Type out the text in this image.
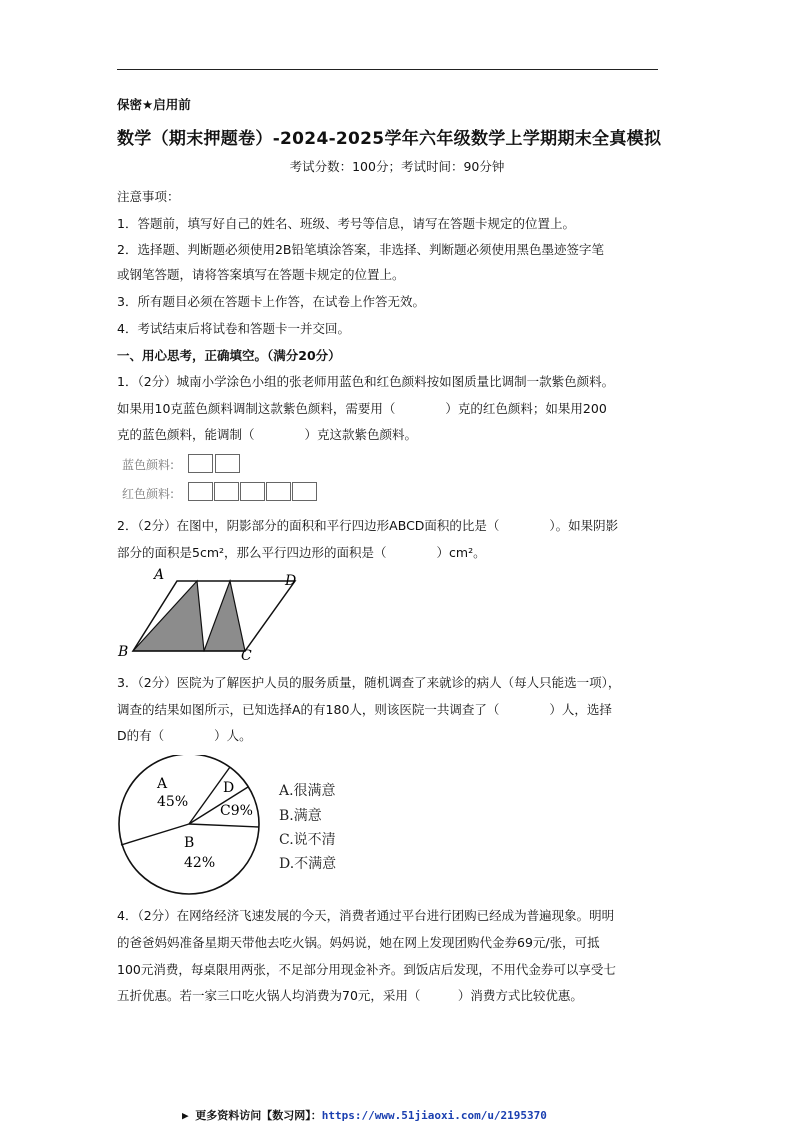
保密★启用前
数学（期末押题卷）-2024-2025学年六年级数学上学期期末全真模拟
考试分数：100分；考试时间：90分钟
注意事项：
1．答题前，填写好自己的姓名、班级、考号等信息，请写在答题卡规定的位置上。
2．选择题、判断题必须使用2B铅笔填涂答案，非选择、判断题必须使用黑色墨迹签字笔
或钢笔答题，请将答案填写在答题卡规定的位置上。
3．所有题目必须在答题卡上作答，在试卷上作答无效。
4．考试结束后将试卷和答题卡一并交回。
一、用心思考，正确填空。（满分20分）
1．（2分）城南小学涂色小组的张老师用蓝色和红色颜料按如图质量比调制一款紫色颜料。
如果用10克蓝色颜料调制这款紫色颜料，需要用（　　　　）克的红色颜料；如果用200
克的蓝色颜料，能调制（　　　　）克这款紫色颜料。
蓝色颜料:
红色颜料:
2．（2分）在图中，阴影部分的面积和平行四边形ABCD面积的比是（　　　　）。如果阴影
部分的面积是5cm²，那么平行四边形的面积是（　　　　）cm²。
A	D
B	C
3．（2分）医院为了解医护人员的服务质量，随机调查了来就诊的病人（每人只能选一项），
调查的结果如图所示，已知选择A的有180人，则该医院一共调查了（　　　　）人，选择
D的有（　　　　）人。
A
45%
D
C9%
B
42%
A.很满意
B.满意
C.说不清
D.不满意
4．（2分）在网络经济飞速发展的今天，消费者通过平台进行团购已经成为普遍现象。明明
的爸爸妈妈准备星期天带他去吃火锅。妈妈说，她在网上发现团购代金券69元/张，可抵
100元消费，每桌限用两张，不足部分用现金补齐。到饭店后发现，不用代金券可以享受七
五折优惠。若一家三口吃火锅人均消费为70元，采用（　　　）消费方式比较优惠。
▶ 更多资料访问【数习网】：https://www.51jiaoxi.com/u/2195370
